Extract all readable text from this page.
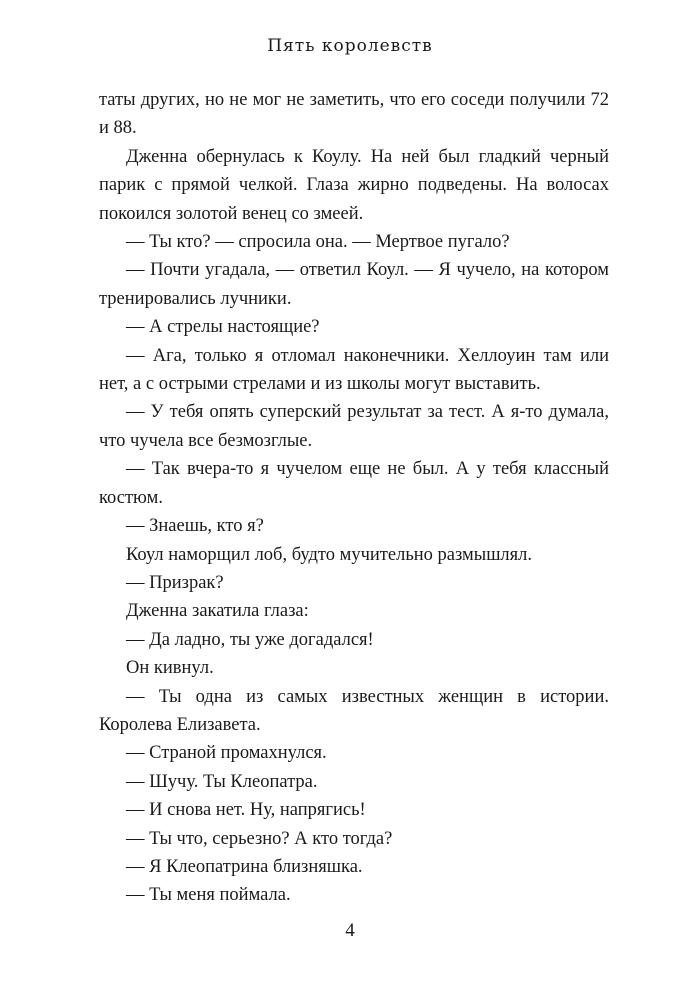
Пять королевств

таты других, но не мог не заметить, что его соседи получили 72 и 88.

Дженна обернулась к Коулу. На ней был гладкий черный парик с прямой челкой. Глаза жирно подведены. На волосах покоился золотой венец со змеей.

— Ты кто? — спросила она. — Мертвое пугало?

— Почти угадала, — ответил Коул. — Я чучело, на котором тренировались лучники.

— А стрелы настоящие?

— Ага, только я отломал наконечники. Хеллоуин там или нет, а с острыми стрелами и из школы могут выставить.

— У тебя опять суперский результат за тест. А я-то думала, что чучела все безмозглые.

— Так вчера-то я чучелом еще не был. А у тебя классный костюм.

— Знаешь, кто я?

Коул наморщил лоб, будто мучительно размышлял.

— Призрак?

Дженна закатила глаза:

— Да ладно, ты уже догадался!

Он кивнул.

— Ты одна из самых известных женщин в истории. Королева Елизавета.

— Страной промахнулся.

— Шучу. Ты Клеопатра.

— И снова нет. Ну, напрягись!

— Ты что, серьезно? А кто тогда?

— Я Клеопатрина близняшка.

— Ты меня поймала.

4
